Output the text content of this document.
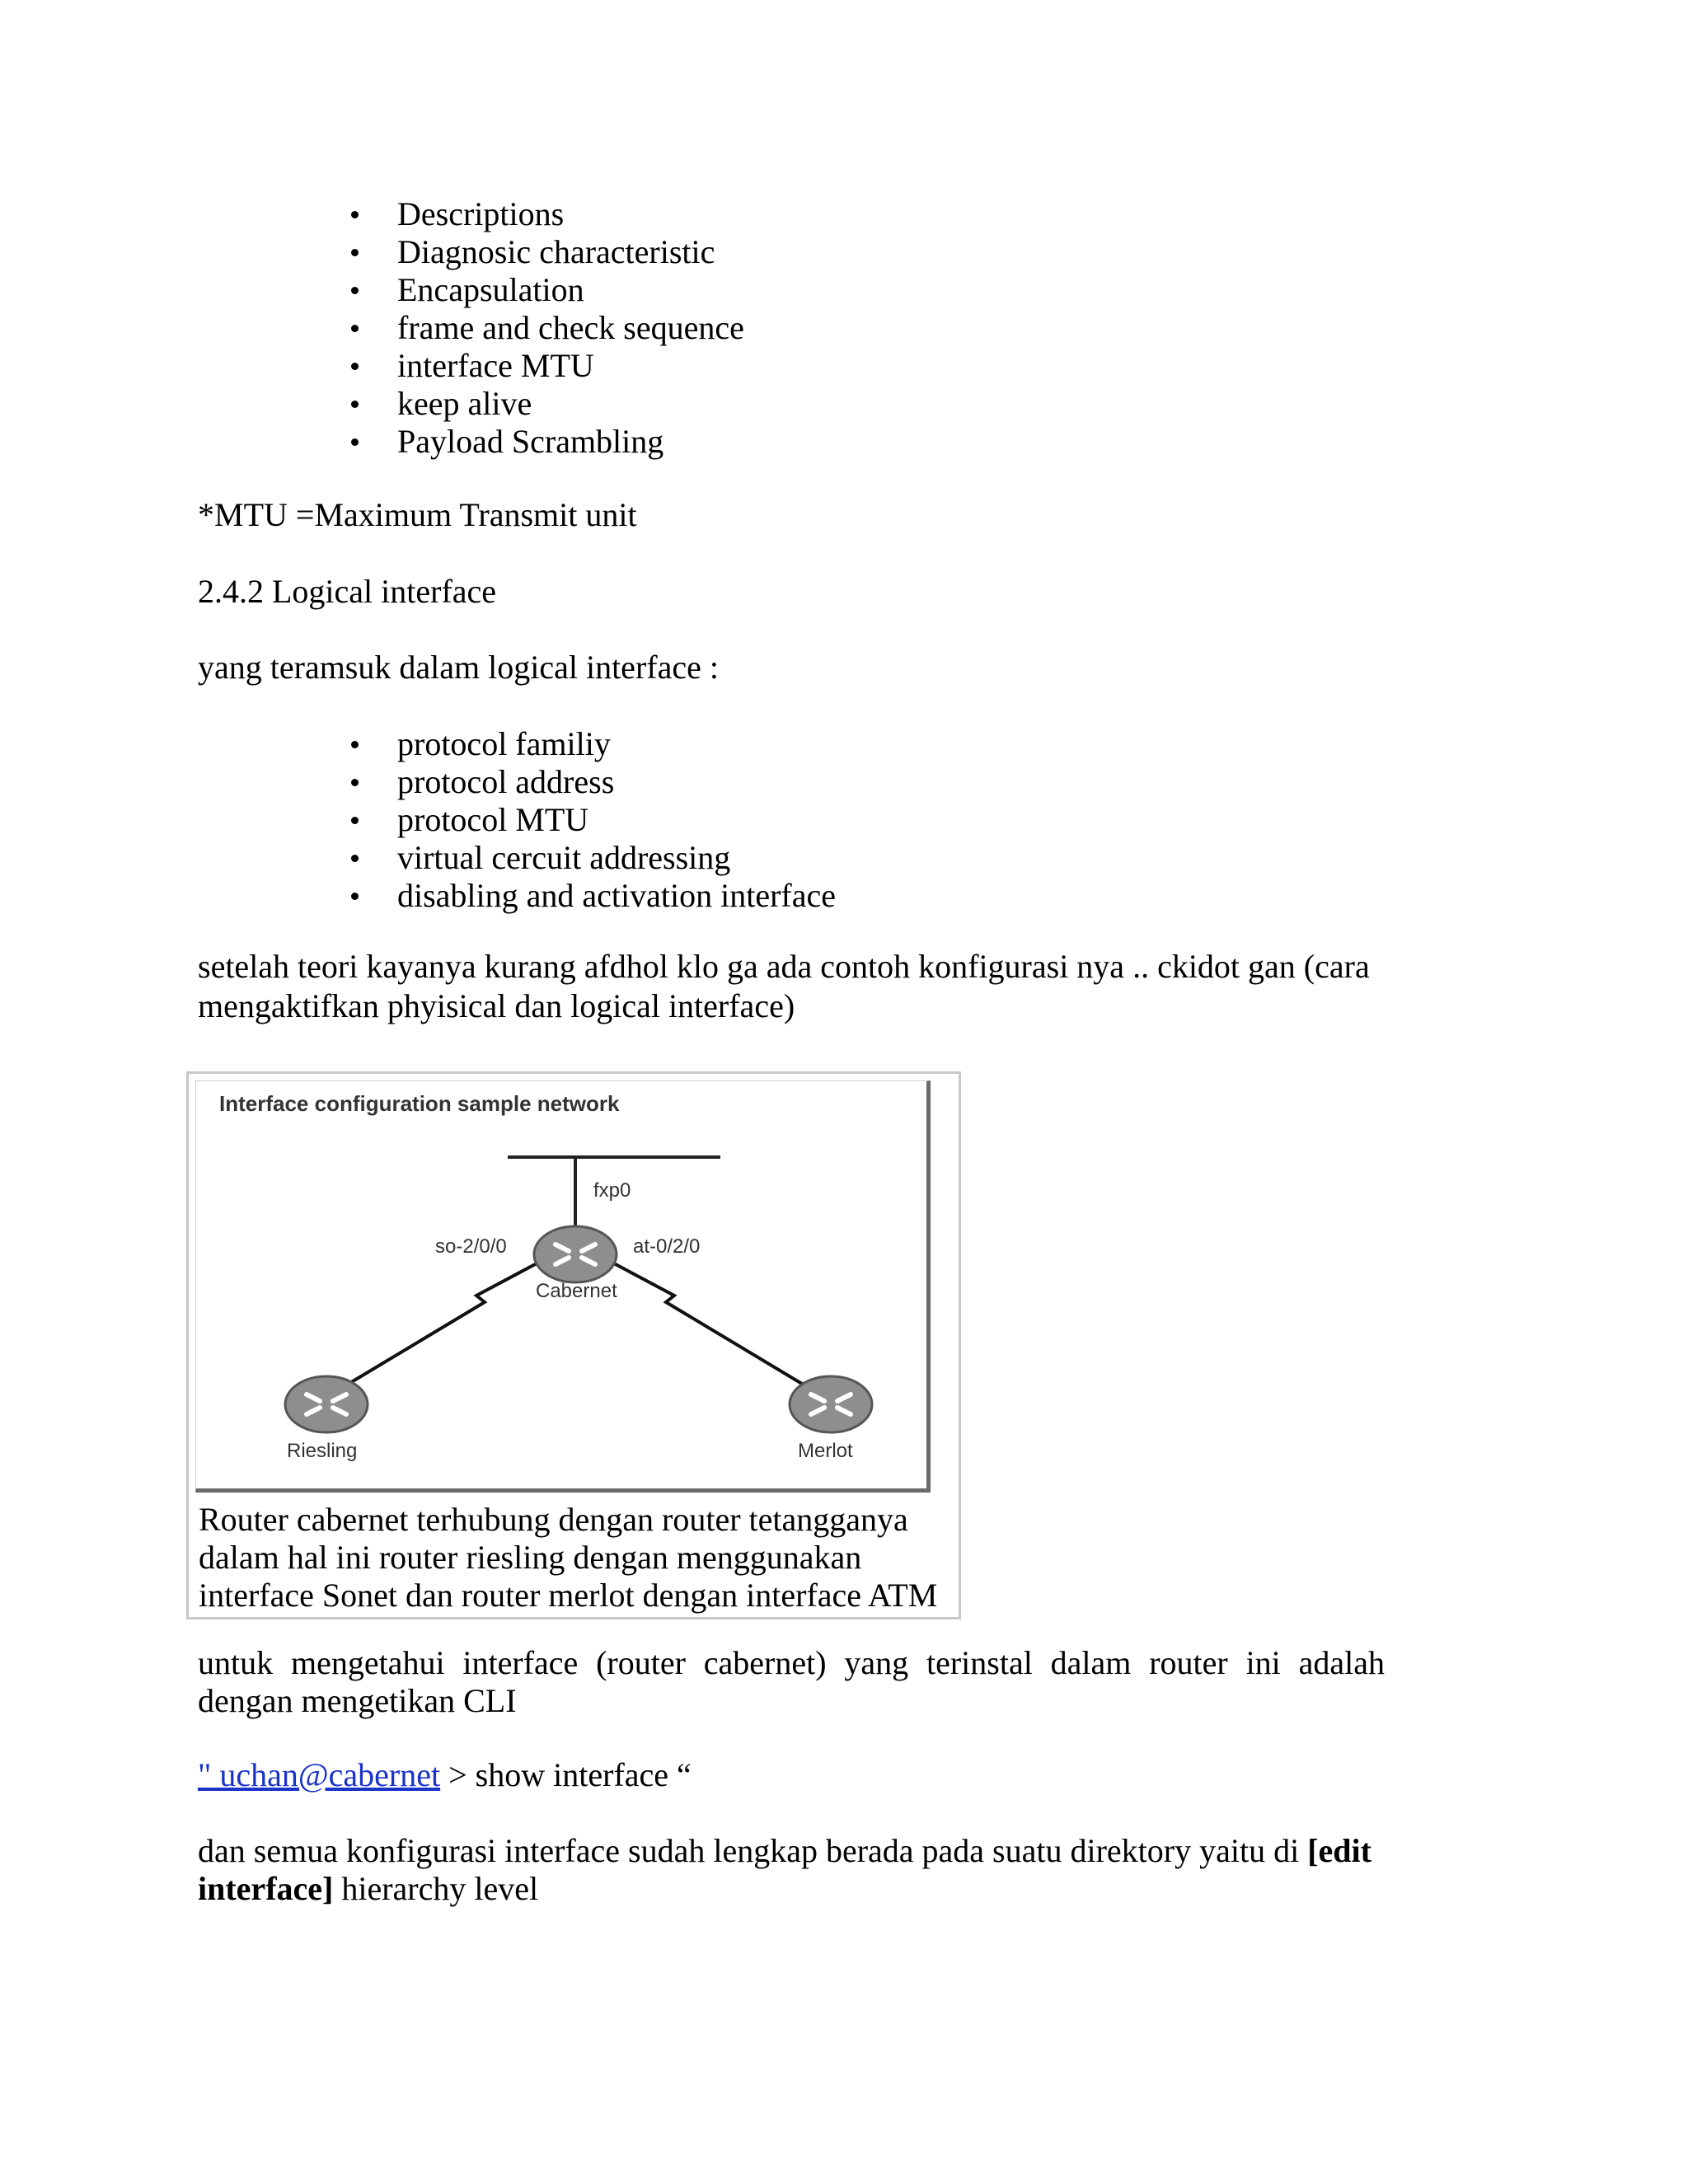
Descriptions
Diagnosic characteristic
Encapsulation
frame and check sequence
interface MTU
keep alive
Payload Scrambling

*MTU =Maximum Transmit unit

2.4.2 Logical interface

yang teramsuk dalam logical interface :

protocol familiy
protocol address
protocol MTU
virtual cercuit addressing
disabling and activation interface

setelah teori kayanya kurang afdhol klo ga ada contoh konfigurasi nya .. ckidot gan (cara mengaktifkan phyisical dan logical interface)

Interface configuration sample network
fxp0
so-2/0/0	at-0/2/0
Cabernet
Riesling	Merlot
Router cabernet terhubung dengan router tetangganya dalam hal ini router riesling dengan menggunakan interface Sonet dan router merlot dengan interface ATM

untuk mengetahui interface (router cabernet) yang terinstal dalam router ini adalah dengan mengetikan CLI

" uchan@cabernet > show interface “

dan semua konfigurasi interface sudah lengkap berada pada suatu direktory yaitu di [edit interface] hierarchy level
